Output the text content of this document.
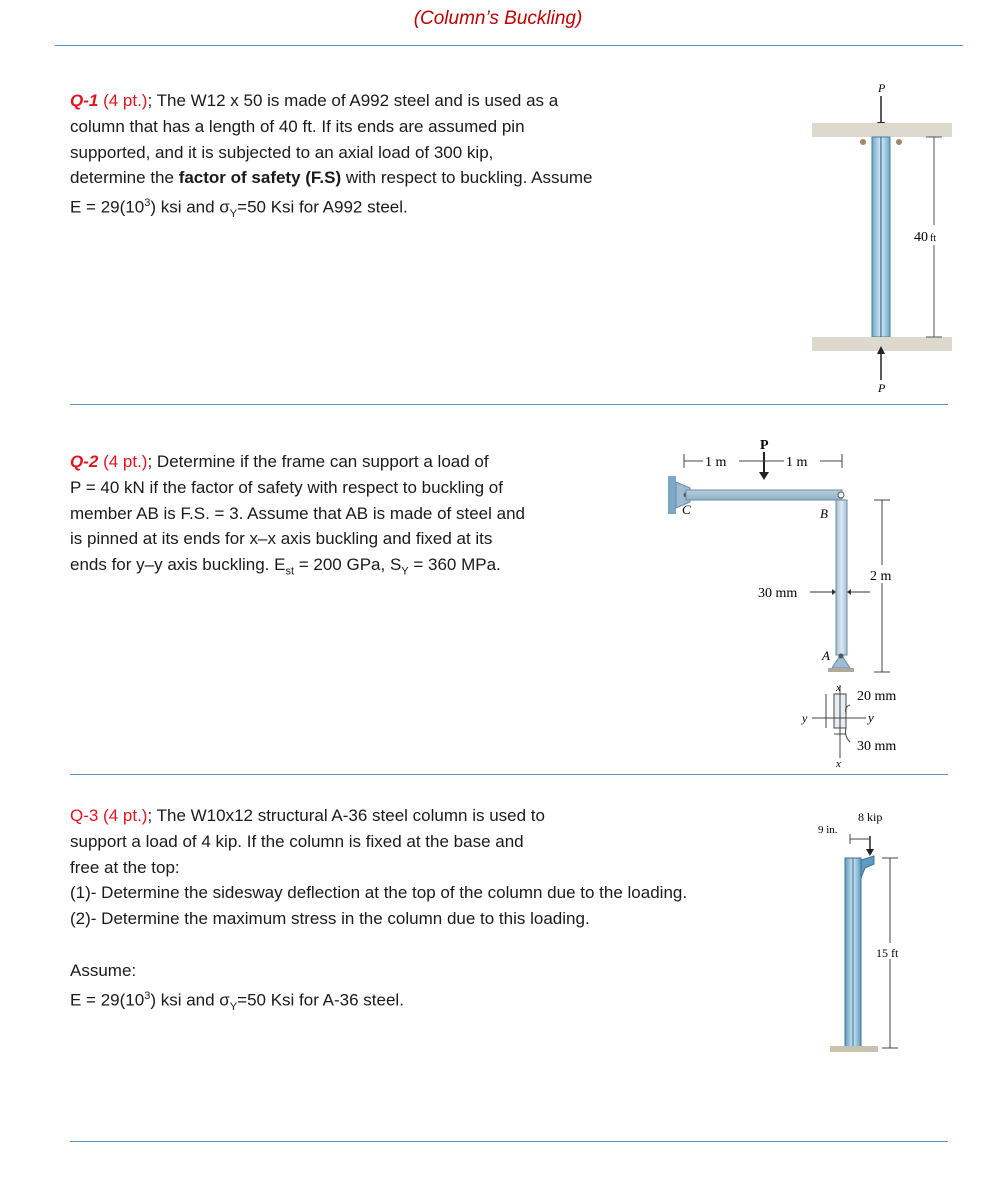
(Column’s Buckling)
Q-1 (4 pt.); The W12 x 50 is made of A992 steel and is used as a
column that has a length of 40 ft. If its ends are assumed pin
supported, and it is subjected to an axial load of 300 kip,
determine the factor of safety (F.S) with respect to buckling. Assume
$E = 29(10^3)$ ksi and $\sigma_Y=50$ Ksi for A992 steel.
P
P
40 ft
Q-2 (4 pt.); Determine if the frame can support a load of
P = 40 kN if the factor of safety with respect to buckling of
member AB is F.S. = 3. Assume that AB is made of steel and
is pinned at its ends for x–x axis buckling and fixed at its
ends for y–y axis buckling. $E_{st} = 200$ GPa, $S_Y = 360$ MPa.
P
1 m	1 m
C	B
30 mm
A
2 m
x
x
y	y
20 mm
30 mm
Q-3 (4 pt.); The W10x12 structural A-36 steel column is used to
support a load of 4 kip. If the column is fixed at the base and
free at the top:
(1)- Determine the sidesway deflection at the top of the column due to the loading.
(2)- Determine the maximum stress in the column due to this loading.
Assume:
$E = 29(10^3)$ ksi and $\sigma_Y=50$ Ksi for A-36 steel.
8 kip
9 in.
15 ft
